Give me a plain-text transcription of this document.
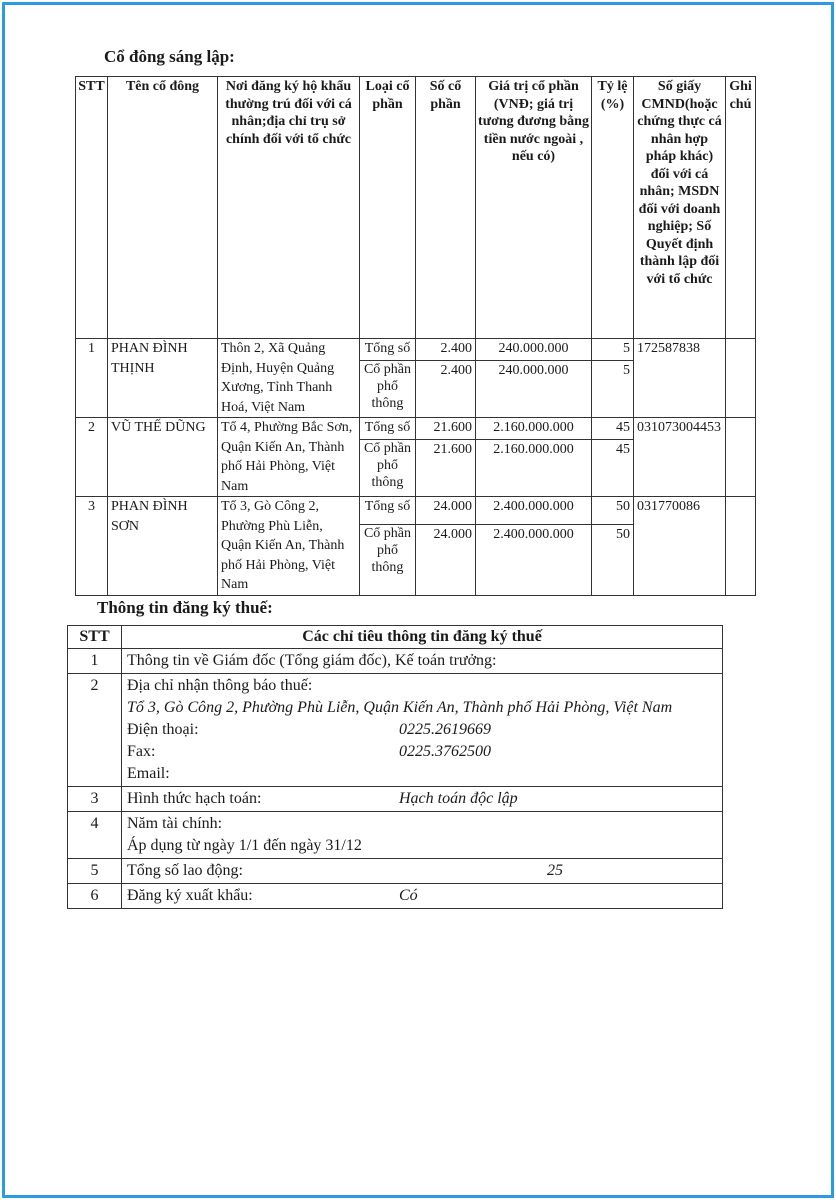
Cổ đông sáng lập:
STT	Tên cổ đông	Nơi đăng ký hộ khẩu thường trú đối với cá nhân;địa chỉ trụ sở chính đối với tổ chức	Loại cổ phần	Số cổ phần	Giá trị cổ phần (VNĐ; giá trị tương đương bằng tiền nước ngoài , nếu có)	Tỷ lệ (%)	Số giấy CMND(hoặc chứng thực cá nhân hợp pháp khác) đối với cá nhân; MSDN đối với doanh nghiệp; Số Quyết định thành lập đối với tổ chức	Ghi chú
1	PHAN ĐÌNH THỊNH	Thôn 2, Xã Quảng Định, Huyện Quảng Xương, Tỉnh Thanh Hoá, Việt Nam	Tổng số	2.400	240.000.000	5	172587838	
			Cổ phần phổ thông	2.400	240.000.000	5		
2	VŨ THẾ DŨNG	Tổ 4, Phường Bắc Sơn, Quận Kiến An, Thành phố Hải Phòng, Việt Nam	Tổng số	21.600	2.160.000.000	45	031073004453	
			Cổ phần phổ thông	21.600	2.160.000.000	45		
3	PHAN ĐÌNH SƠN	Tổ 3, Gò Công 2, Phường Phù Liễn, Quận Kiến An, Thành phố Hải Phòng, Việt Nam	Tổng số	24.000	2.400.000.000	50	031770086	
			Cổ phần phổ thông	24.000	2.400.000.000	50		
Thông tin đăng ký thuế:
STT	Các chỉ tiêu thông tin đăng ký thuế
1	Thông tin về Giám đốc (Tổng giám đốc), Kế toán trưởng:
2	Địa chỉ nhận thông báo thuế:
Tổ 3, Gò Công 2, Phường Phù Liễn, Quận Kiến An, Thành phố Hải Phòng, Việt Nam
Điện thoại: 0225.2619669
Fax: 0225.3762500
Email:

3	Hình thức hạch toán: Hạch toán độc lập
4	Năm tài chính:
Áp dụng từ ngày 1/1 đến ngày 31/12

5	Tổng số lao động: 25
6	Đăng ký xuất khẩu: Có
